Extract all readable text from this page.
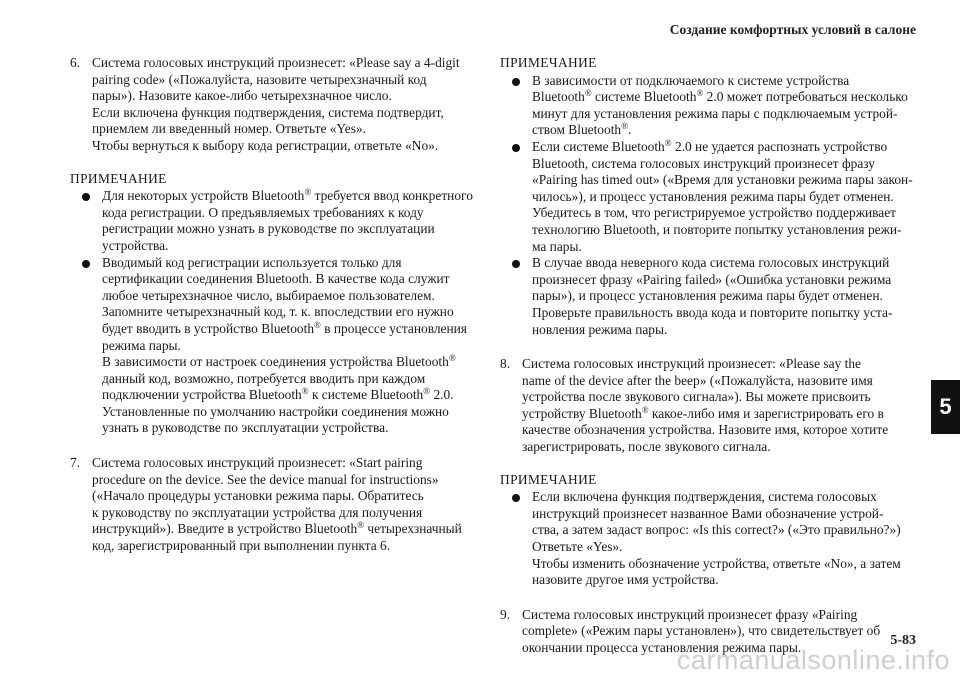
Создание комфортных условий в салоне
6. Система голосовых инструкций произнесет: «Please say a 4-digit
pairing code» («Пожалуйста, назовите четырехзначный код
пары»). Назовите какое-либо четырехзначное число.
Если включена функция подтверждения, система подтвердит,
приемлем ли введенный номер. Ответьте «Yes».
Чтобы вернуться к выбору кода регистрации, ответьте «No».
ПРИМЕЧАНИЕ
Для некоторых устройств Bluetooth® требуется ввод конкретного
кода регистрации. О предъявляемых требованиях к коду
регистрации можно узнать в руководстве по эксплуатации
устройства.
Вводимый код регистрации используется только для
сертификации соединения Bluetooth. В качестве кода служит
любое четырехзначное число, выбираемое пользователем.
Запомните четырехзначный код, т. к. впоследствии его нужно
будет вводить в устройство Bluetooth® в процессе установления
режима пары.
В зависимости от настроек соединения устройства Bluetooth®
данный код, возможно, потребуется вводить при каждом
подключении устройства Bluetooth® к системе Bluetooth® 2.0.
Установленные по умолчанию настройки соединения можно
узнать в руководстве по эксплуатации устройства.
7. Система голосовых инструкций произнесет: «Start pairing
procedure on the device. See the device manual for instructions»
(«Начало процедуры установки режима пары. Обратитесь
к руководству по эксплуатации устройства для получения
инструкций»). Введите в устройство Bluetooth® четырехзначный
код, зарегистрированный при выполнении пункта 6.
ПРИМЕЧАНИЕ
В зависимости от подключаемого к системе устройства
Bluetooth® системе Bluetooth® 2.0 может потребоваться несколько
минут для установления режима пары с подключаемым устрой-
ством Bluetooth®.
Если системе Bluetooth® 2.0 не удается распознать устройство
Bluetooth, система голосовых инструкций произнесет фразу
«Pairing has timed out» («Время для установки режима пары закон-
чилось»), и процесс установления режима пары будет отменен.
Убедитесь в том, что регистрируемое устройство поддерживает
технологию Bluetooth, и повторите попытку установления режи-
ма пары.
В случае ввода неверного кода система голосовых инструкций
произнесет фразу «Pairing failed» («Ошибка установки режима
пары»), и процесс установления режима пары будет отменен.
Проверьте правильность ввода кода и повторите попытку уста-
новления режима пары.
8. Система голосовых инструкций произнесет: «Please say the
name of the device after the beep» («Пожалуйста, назовите имя
устройства после звукового сигнала»). Вы можете присвоить
устройству Bluetooth® какое-либо имя и зарегистрировать его в
качестве обозначения устройства. Назовите имя, которое хотите
зарегистрировать, после звукового сигнала.
ПРИМЕЧАНИЕ
Если включена функция подтверждения, система голосовых
инструкций произнесет названное Вами обозначение устрой-
ства, а затем задаст вопрос: «Is this correct?» («Это правильно?»)
Ответьте «Yes».
Чтобы изменить обозначение устройства, ответьте «No», а затем
назовите другое имя устройства.
9. Система голосовых инструкций произнесет фразу «Pairing
complete» («Режим пары установлен»), что свидетельствует об
окончании процесса установления режима пары.
5
5-83
carmanualsonline.info
